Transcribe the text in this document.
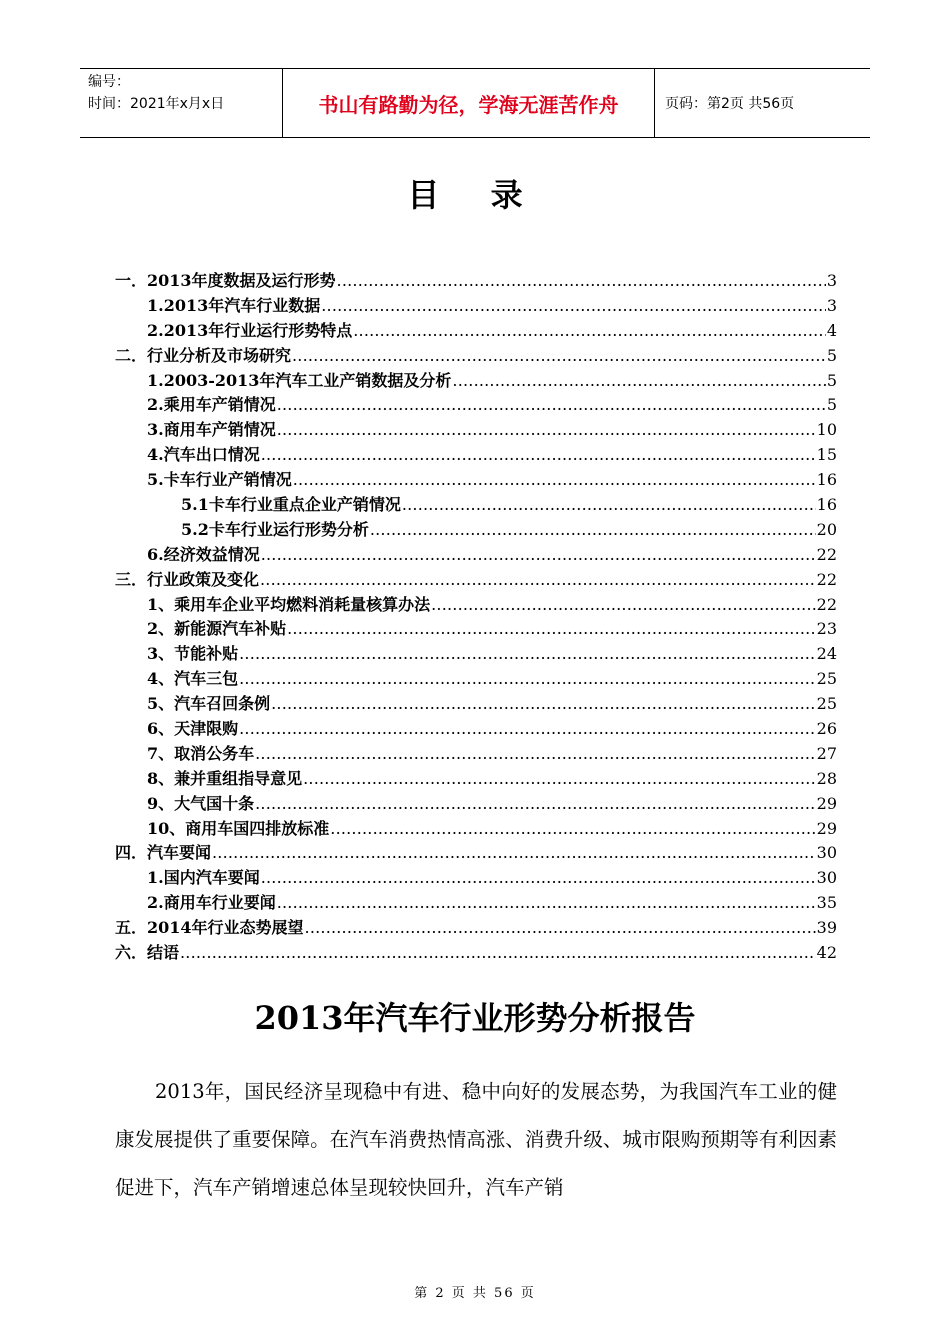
编号：
时间：2021年x月x日	书山有路勤为径，学海无涯苦作舟	页码：第2页 共56页
目 录
一．2013年度数据及运行形势 .....	3
1.2013年汽车行业数据 .....	3
2.2013年行业运行形势特点 .....	4
二．行业分析及市场研究 .....	5
1.2003-2013年汽车工业产销数据及分析 .....	5
2.乘用车产销情况 .....	5
3.商用车产销情况 .....	10
4.汽车出口情况 .....	15
5.卡车行业产销情况 .....	16
5.1卡车行业重点企业产销情况 .....	16
5.2卡车行业运行形势分析 .....	20
6.经济效益情况 .....	22
三．行业政策及变化 .....	22
1、乘用车企业平均燃料消耗量核算办法 .....	22
2、新能源汽车补贴 .....	23
3、节能补贴 .....	24
4、汽车三包 .....	25
5、汽车召回条例 .....	25
6、天津限购 .....	26
7、取消公务车 .....	27
8、兼并重组指导意见 .....	28
9、大气国十条 .....	29
10、商用车国四排放标准 .....	29
四．汽车要闻 .....	30
1.国内汽车要闻 .....	30
2.商用车行业要闻 .....	35
五．2014年行业态势展望 .....	39
六．结语 .....	42
2013年汽车行业形势分析报告
2013年，国民经济呈现稳中有进、稳中向好的发展态势，为我国汽车工业的健康发展提供了重要保障。在汽车消费热情高涨、消费升级、城市限购预期等有利因素促进下，汽车产销增速总体呈现较快回升，汽车产销
第 2 页 共 56 页
